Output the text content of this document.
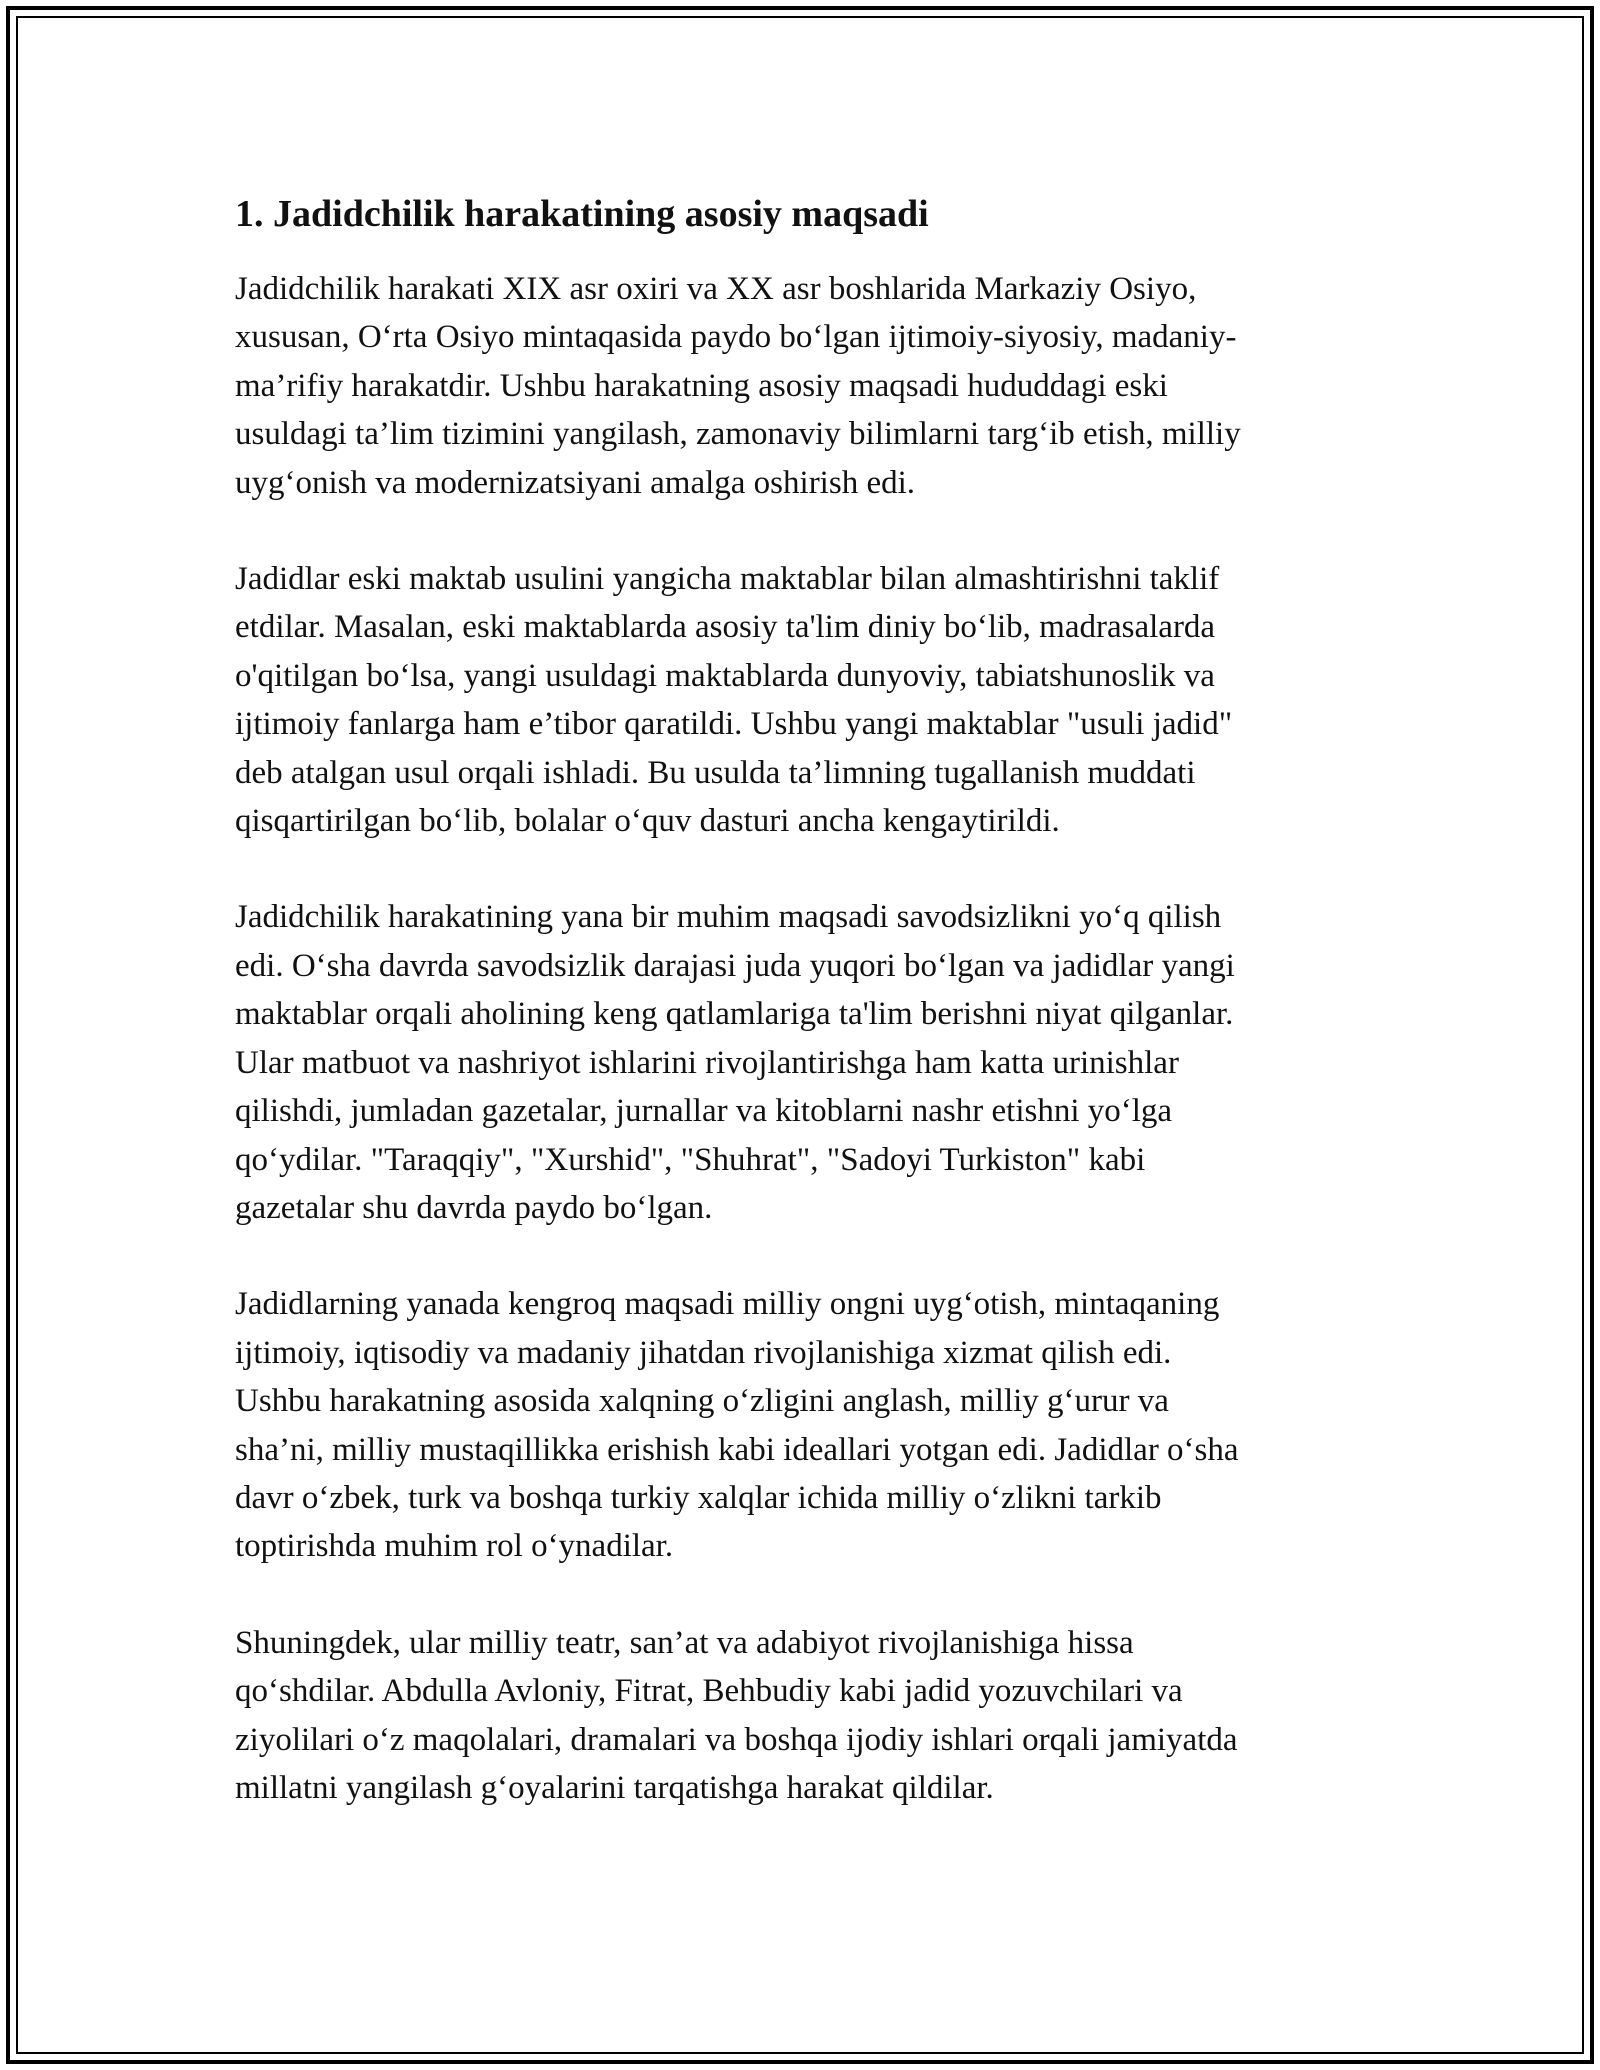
1. Jadidchilik harakatining asosiy maqsadi
Jadidchilik harakati XIX asr oxiri va XX asr boshlarida Markaziy Osiyo,
xususan, O‘rta Osiyo mintaqasida paydo bo‘lgan ijtimoiy-siyosiy, madaniy-
ma’rifiy harakatdir. Ushbu harakatning asosiy maqsadi hududdagi eski
usuldagi ta’lim tizimini yangilash, zamonaviy bilimlarni targ‘ib etish, milliy
uyg‘onish va modernizatsiyani amalga oshirish edi.
Jadidlar eski maktab usulini yangicha maktablar bilan almashtirishni taklif
etdilar. Masalan, eski maktablarda asosiy ta'lim diniy bo‘lib, madrasalarda
o'qitilgan bo‘lsa, yangi usuldagi maktablarda dunyoviy, tabiatshunoslik va
ijtimoiy fanlarga ham e’tibor qaratildi. Ushbu yangi maktablar "usuli jadid"
deb atalgan usul orqali ishladi. Bu usulda ta’limning tugallanish muddati
qisqartirilgan bo‘lib, bolalar o‘quv dasturi ancha kengaytirildi.
Jadidchilik harakatining yana bir muhim maqsadi savodsizlikni yo‘q qilish
edi. O‘sha davrda savodsizlik darajasi juda yuqori bo‘lgan va jadidlar yangi
maktablar orqali aholining keng qatlamlariga ta'lim berishni niyat qilganlar.
Ular matbuot va nashriyot ishlarini rivojlantirishga ham katta urinishlar
qilishdi, jumladan gazetalar, jurnallar va kitoblarni nashr etishni yo‘lga
qo‘ydilar. "Taraqqiy", "Xurshid", "Shuhrat", "Sadoyi Turkiston" kabi
gazetalar shu davrda paydo bo‘lgan.
Jadidlarning yanada kengroq maqsadi milliy ongni uyg‘otish, mintaqaning
ijtimoiy, iqtisodiy va madaniy jihatdan rivojlanishiga xizmat qilish edi.
Ushbu harakatning asosida xalqning o‘zligini anglash, milliy g‘urur va
sha’ni, milliy mustaqillikka erishish kabi ideallari yotgan edi. Jadidlar o‘sha
davr o‘zbek, turk va boshqa turkiy xalqlar ichida milliy o‘zlikni tarkib
toptirishda muhim rol o‘ynadilar.
Shuningdek, ular milliy teatr, san’at va adabiyot rivojlanishiga hissa
qo‘shdilar. Abdulla Avloniy, Fitrat, Behbudiy kabi jadid yozuvchilari va
ziyolilari o‘z maqolalari, dramalari va boshqa ijodiy ishlari orqali jamiyatda
millatni yangilash g‘oyalarini tarqatishga harakat qildilar.
